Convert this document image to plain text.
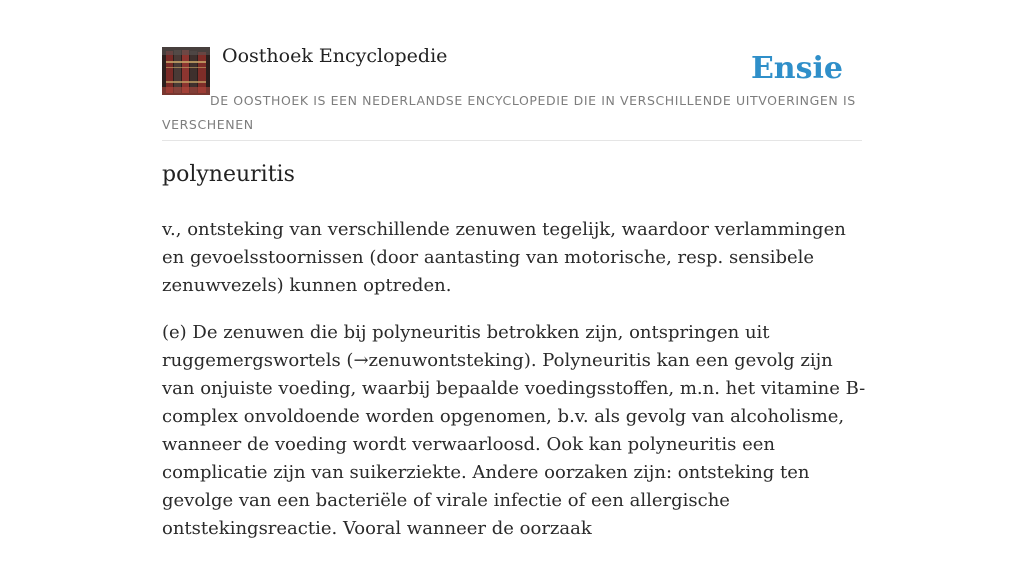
Oosthoek Encyclopedie	Ensie
DE OOSTHOEK IS EEN NEDERLANDSE ENCYCLOPEDIE DIE IN VERSCHILLENDE UITVOERINGEN IS VERSCHENEN
polyneuritis

v., ontsteking van verschillende zenuwen tegelijk, waardoor verlammingen en gevoelsstoornissen (door aantasting van motorische, resp. sensibele zenuwvezels) kunnen optreden.

(e) De zenuwen die bij polyneuritis betrokken zijn, ontspringen uit ruggemergswortels (→zenuwontsteking). Polyneuritis kan een gevolg zijn van onjuiste voeding, waarbij bepaalde voedingsstoffen, m.n. het vitamine B-complex onvoldoende worden opgenomen, b.v. als gevolg van alcoholisme, wanneer de voeding wordt verwaarloosd. Ook kan polyneuritis een complicatie zijn van suikerziekte. Andere oorzaken zijn: ontsteking ten gevolge van een bacteriële of virale infectie of een allergische ontstekingsreactie. Vooral wanneer de oorzaak
